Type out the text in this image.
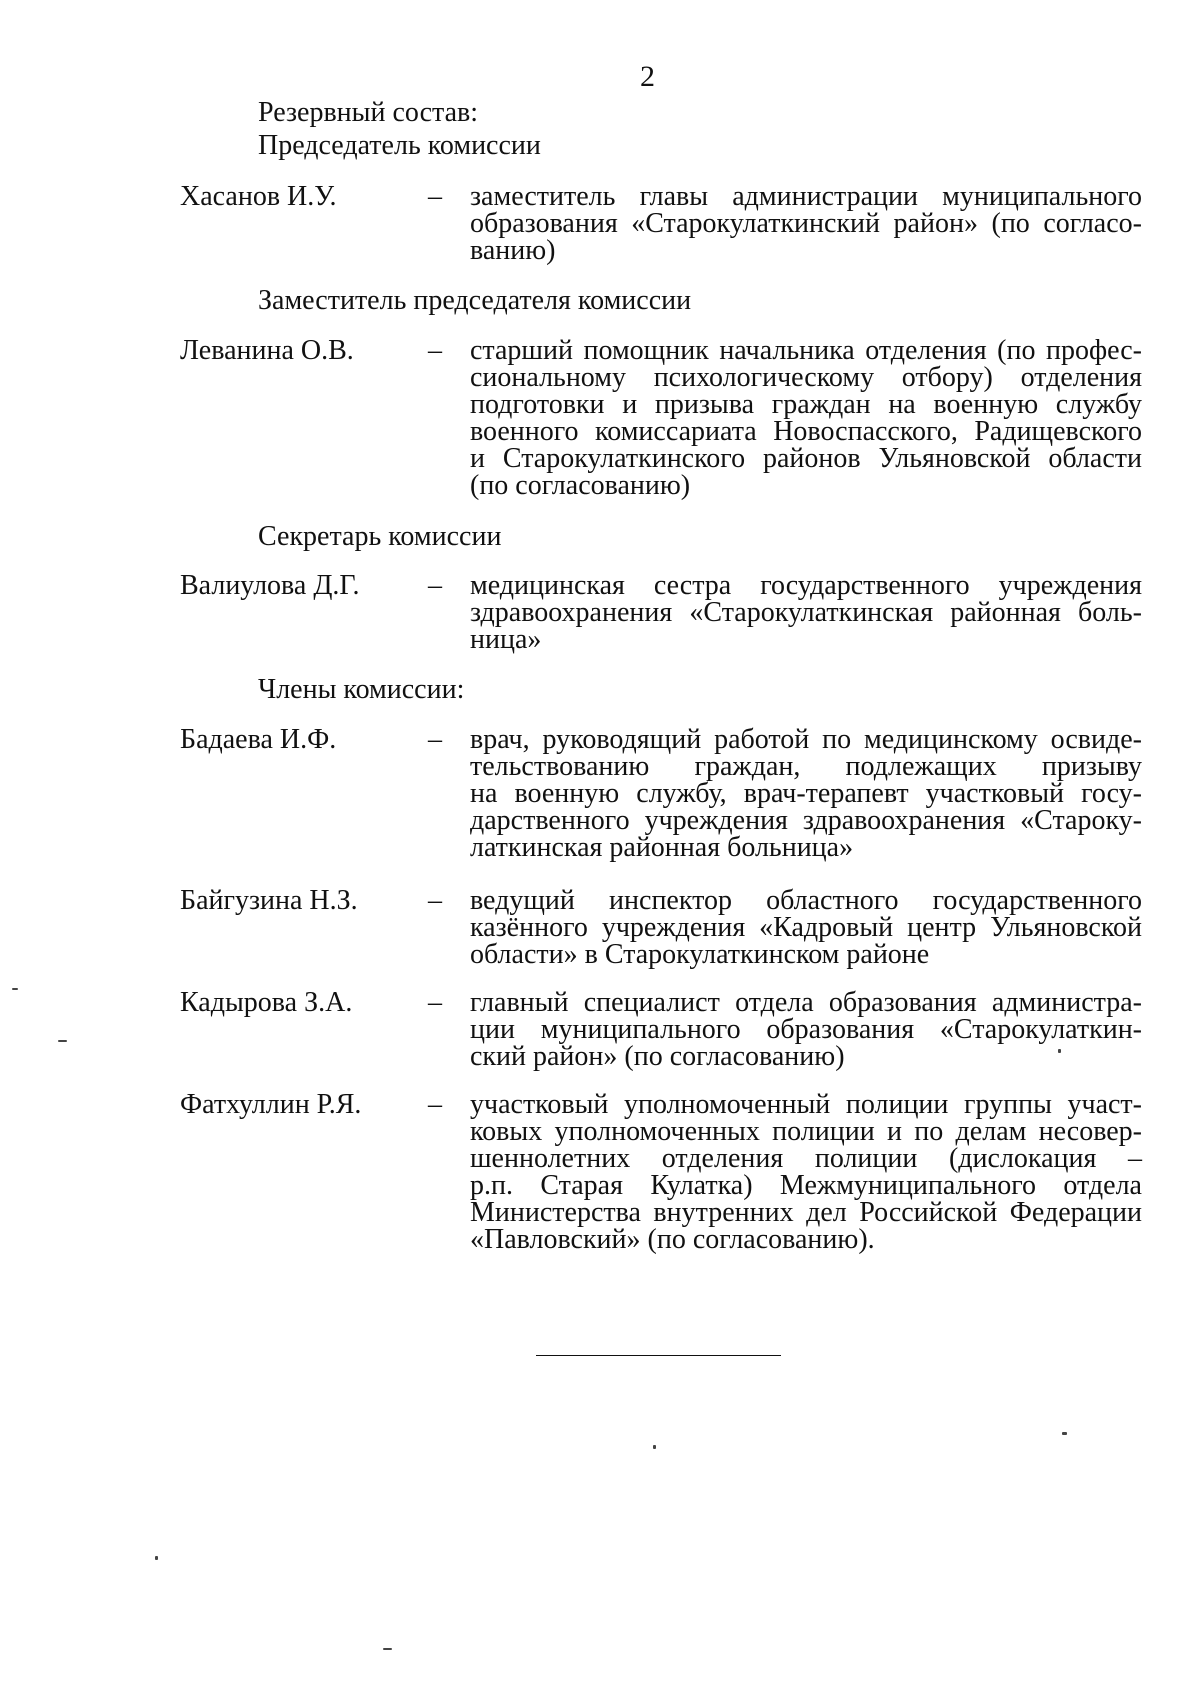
2
Резервный состав:
Председатель комиссии
Хасанов И.У.	– заместитель главы администрации муниципального
образования «Старокулаткинский район» (по согласо-
ванию)
Заместитель председателя комиссии
Леванина О.В.	– старший помощник начальника отделения (по профес-
сиональному психологическому отбору) отделения
подготовки и призыва граждан на военную службу
военного комиссариата Новоспасского, Радищевского
и Старокулаткинского районов Ульяновской области
(по согласованию)
Секретарь комиссии
Валиулова Д.Г. – медицинская сестра государственного учреждения
здравоохранения «Старокулаткинская районная боль-
ница»
Члены комиссии:
Бадаева И.Ф.	– врач, руководящий работой по медицинскому освиде-
тельствованию граждан, подлежащих призыву
на военную службу, врач-терапевт участковый госу-
дарственного учреждения здравоохранения «Староку-
латкинская районная больница»
Байгузина Н.З.	– ведущий инспектор областного государственного
казённого учреждения «Кадровый центр Ульяновской
области» в Старокулаткинском районе
Кадырова З.А.	– главный специалист отдела образования администра-
ции муниципального образования «Старокулаткин-
ский район» (по согласованию)
Фатхуллин Р.Я. – участковый уполномоченный полиции группы участ-
ковых уполномоченных полиции и по делам несовер-
шеннолетних отделения полиции (дислокация –
р.п. Старая Кулатка) Межмуниципального отдела
Министерства внутренних дел Российской Федерации
«Павловский» (по согласованию).
